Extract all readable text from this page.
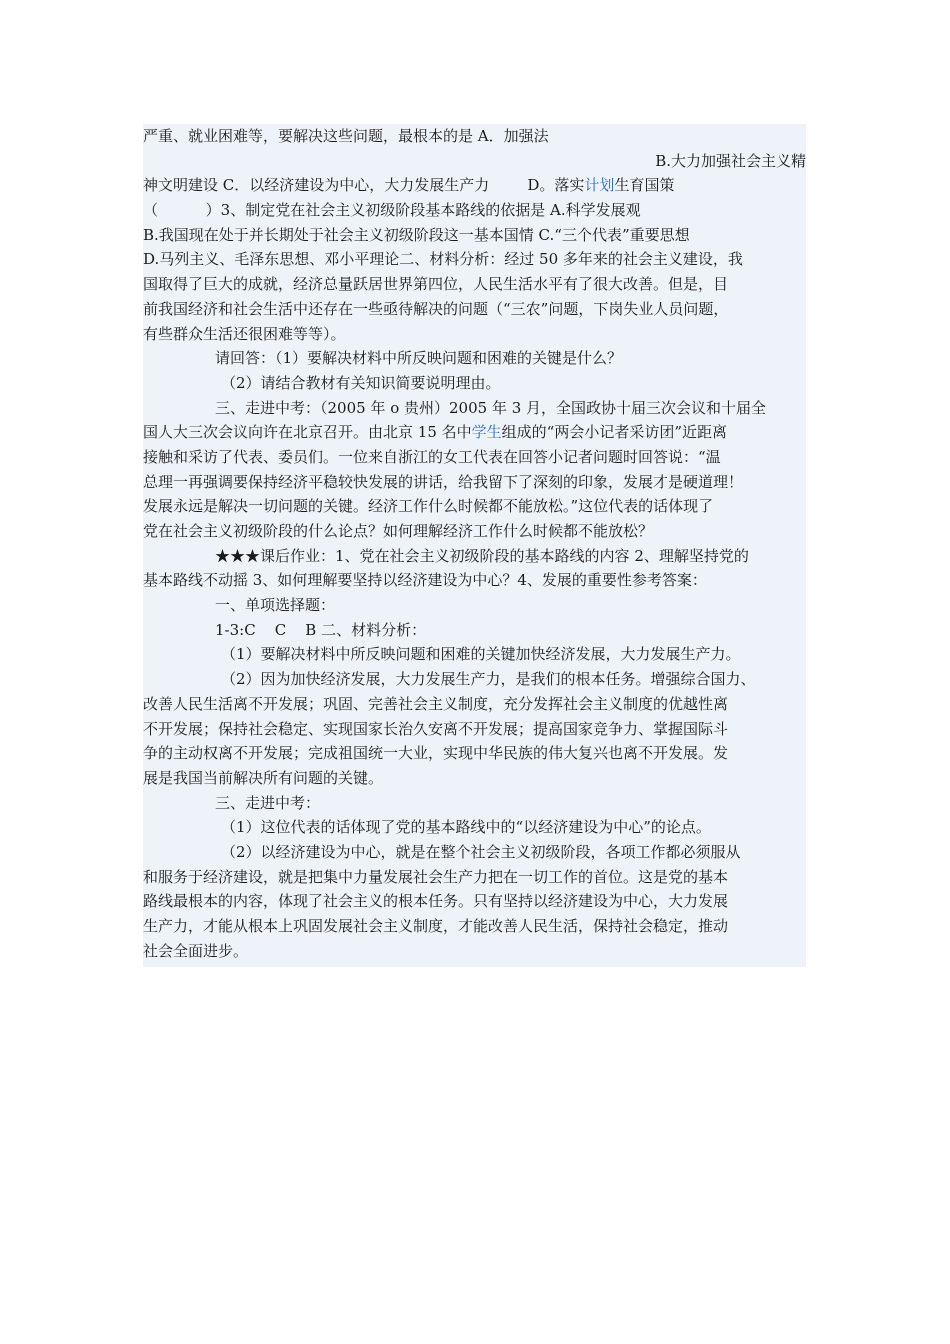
严重、就业困难等，要解决这些问题，最根本的是 A．加强法

B.大力加强社会主义精

神文明建设 C．以经济建设为中心，大力发展生产力        D。落实计划生育国策
（          ）3、制定党在社会主义初级阶段基本路线的依据是 A.科学发展观
B.我国现在处于并长期处于社会主义初级阶段这一基本国情 C.“三个代表”重要思想
D.马列主义、毛泽东思想、邓小平理论二、材料分析：经过 50 多年来的社会主义建设，我
国取得了巨大的成就，经济总量跃居世界第四位，人民生活水平有了很大改善。但是，目
前我国经济和社会生活中还存在一些亟待解决的问题（“三农”问题，下岗失业人员问题，
有些群众生活还很困难等等）。
请回答：（1）要解决材料中所反映问题和困难的关键是什么？
（2）请结合教材有关知识简要说明理由。
三、走进中考：（2005 年 o 贵州）2005 年 3 月，全国政协十届三次会议和十届全
国人大三次会议向许在北京召开。由北京 15 名中学生组成的“两会小记者采访团”近距离
接触和采访了代表、委员们。一位来自浙江的女工代表在回答小记者问题时回答说：“温
总理一再强调要保持经济平稳较快发展的讲话，给我留下了深刻的印象，发展才是硬道理！
发展永远是解决一切问题的关键。经济工作什么时候都不能放松。”这位代表的话体现了
党在社会主义初级阶段的什么论点？如何理解经济工作什么时候都不能放松？
★★★课后作业：1、党在社会主义初级阶段的基本路线的内容 2、理解坚持党的
基本路线不动摇 3、如何理解要坚持以经济建设为中心？4、发展的重要性参考答案：
一、单项选择题：
1-3:C    C    B 二、材料分析：
（1）要解决材料中所反映问题和困难的关键加快经济发展，大力发展生产力。
（2）因为加快经济发展，大力发展生产力，是我们的根本任务。增强综合国力、
改善人民生活离不开发展；巩固、完善社会主义制度，充分发挥社会主义制度的优越性离
不开发展；保持社会稳定、实现国家长治久安离不开发展；提高国家竞争力、掌握国际斗
争的主动权离不开发展；完成祖国统一大业，实现中华民族的伟大复兴也离不开发展。发
展是我国当前解决所有问题的关键。
三、走进中考：
（1）这位代表的话体现了党的基本路线中的“以经济建设为中心”的论点。
（2）以经济建设为中心，就是在整个社会主义初级阶段，各项工作都必须服从
和服务于经济建设，就是把集中力量发展社会生产力把在一切工作的首位。这是党的基本
路线最根本的内容，体现了社会主义的根本任务。只有坚持以经济建设为中心，大力发展
生产力，才能从根本上巩固发展社会主义制度，才能改善人民生活，保持社会稳定，推动
社会全面进步。
